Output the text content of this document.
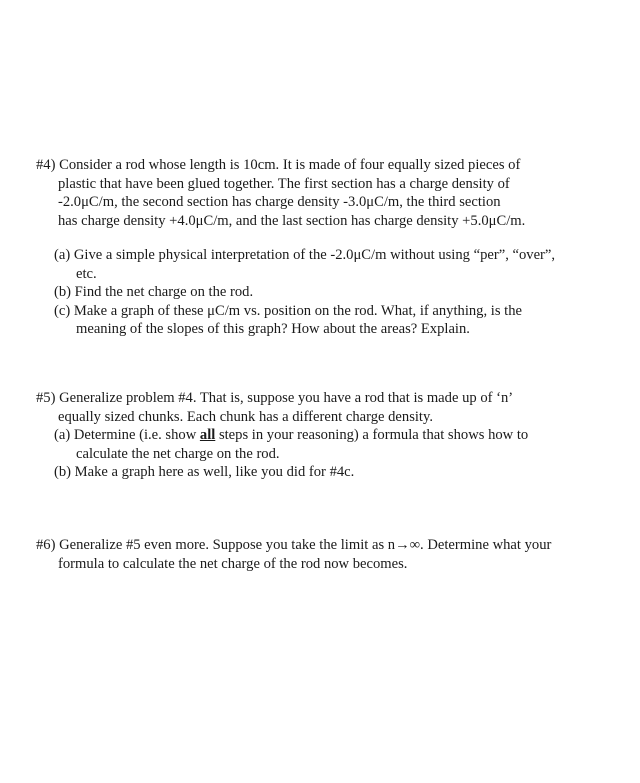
#4) Consider a rod whose length is 10cm. It is made of four equally sized pieces of
plastic that have been glued together. The first section has a charge density of
-2.0μC/m, the second section has charge density -3.0μC/m, the third section
has charge density +4.0μC/m, and the last section has charge density +5.0μC/m.
(a) Give a simple physical interpretation of the -2.0μC/m without using “per”, “over”,
etc.
(b) Find the net charge on the rod.
(c) Make a graph of these μC/m vs. position on the rod. What, if anything, is the
meaning of the slopes of this graph? How about the areas? Explain.
#5) Generalize problem #4. That is, suppose you have a rod that is made up of ‘n’
equally sized chunks. Each chunk has a different charge density.
(a) Determine (i.e. show all steps in your reasoning) a formula that shows how to
calculate the net charge on the rod.
(b) Make a graph here as well, like you did for #4c.
#6) Generalize #5 even more. Suppose you take the limit as n→∞. Determine what your
formula to calculate the net charge of the rod now becomes.
